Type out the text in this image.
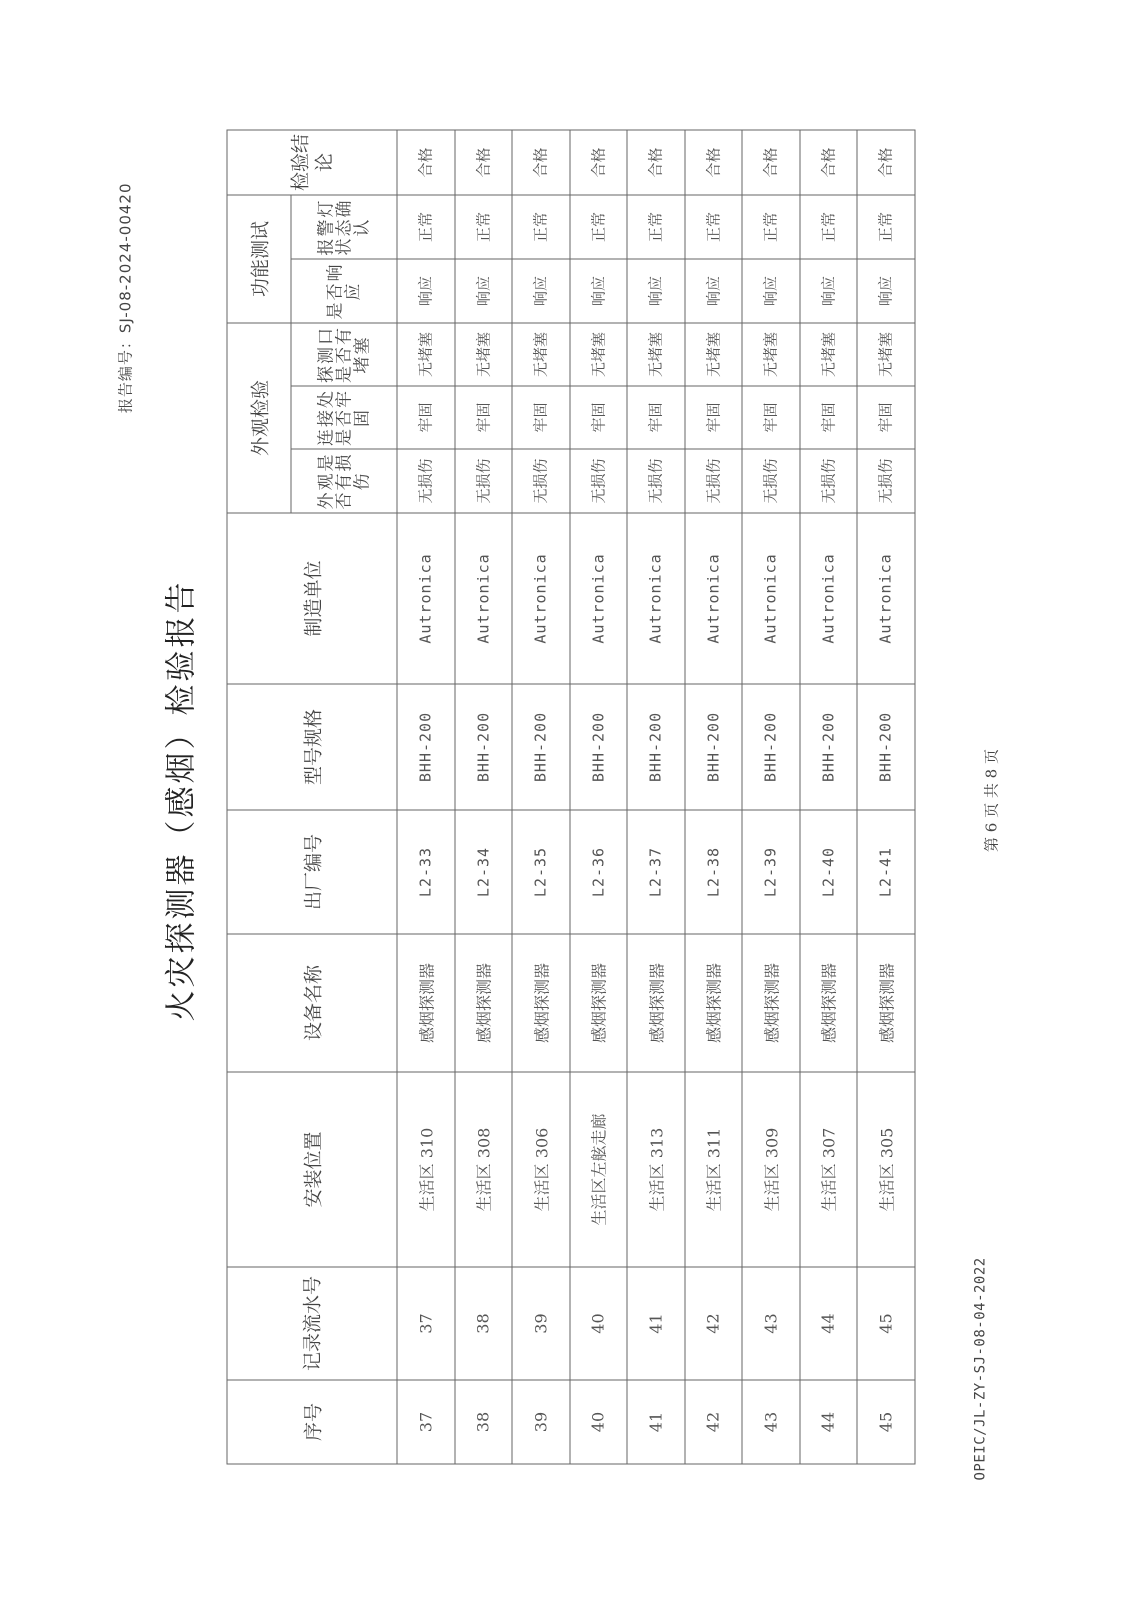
​
报告编号：SJ-08-2024-00420
火灾探测器（感烟）检验报告
OPEIC/JL-ZY-SJ-08-04-2022
序号	记录流水号	安装位置	设备名称	出厂编号	型号规格	制造单位	外观检验			功能测试		检验结论
							外观是否有损伤	连接处是否牢固	探测口是否有堵塞	是否响应	报警灯状态确认	
37	37	生活区 310	感烟探测器	L2-33	BHH-200	Autronica	无损伤	牢固	无堵塞	响应	正常	合格
38	38	生活区 308	感烟探测器	L2-34	BHH-200	Autronica	无损伤	牢固	无堵塞	响应	正常	合格
39	39	生活区 306	感烟探测器	L2-35	BHH-200	Autronica	无损伤	牢固	无堵塞	响应	正常	合格
40	40	生活区左舷走廊	感烟探测器	L2-36	BHH-200	Autronica	无损伤	牢固	无堵塞	响应	正常	合格
41	41	生活区 313	感烟探测器	L2-37	BHH-200	Autronica	无损伤	牢固	无堵塞	响应	正常	合格
42	42	生活区 311	感烟探测器	L2-38	BHH-200	Autronica	无损伤	牢固	无堵塞	响应	正常	合格
43	43	生活区 309	感烟探测器	L2-39	BHH-200	Autronica	无损伤	牢固	无堵塞	响应	正常	合格
44	44	生活区 307	感烟探测器	L2-40	BHH-200	Autronica	无损伤	牢固	无堵塞	响应	正常	合格
45	45	生活区 305	感烟探测器	L2-41	BHH-200	Autronica	无损伤	牢固	无堵塞	响应	正常	合格
第 6 页 共 8 页
